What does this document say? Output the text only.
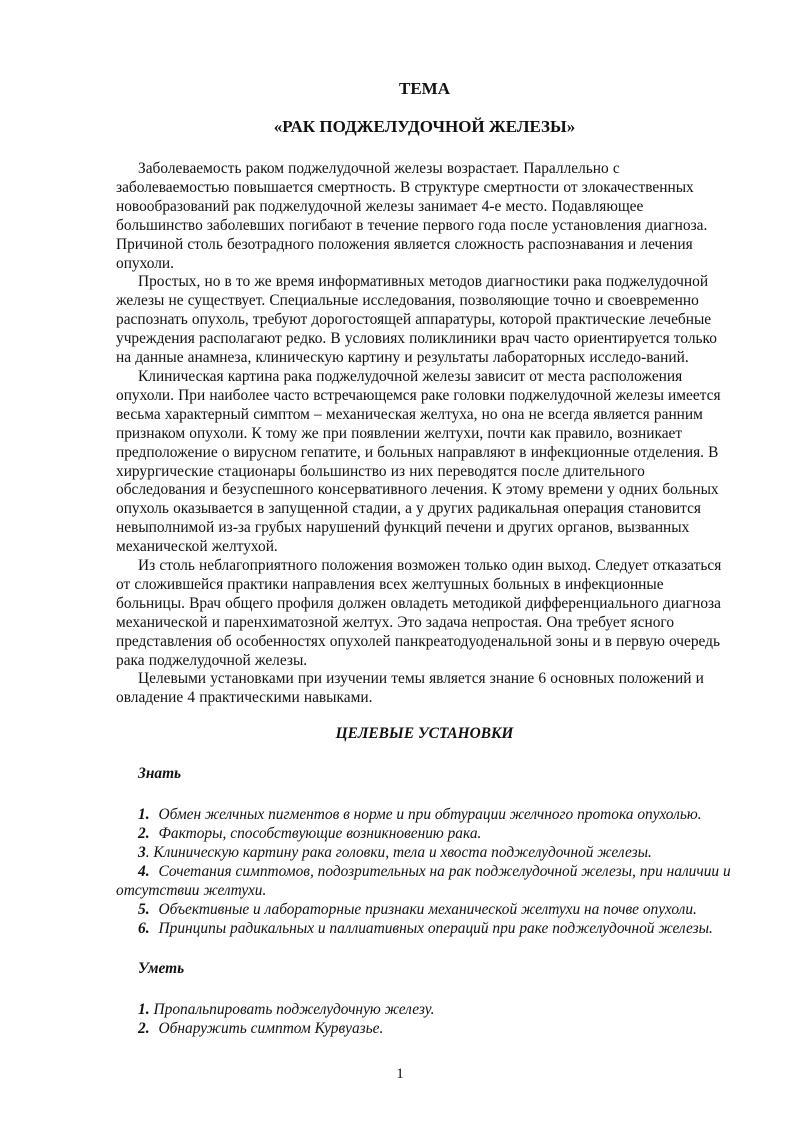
ТЕМА
«РАК ПОДЖЕЛУДОЧНОЙ ЖЕЛЕЗЫ»

Заболеваемость раком поджелудочной железы возрастает. Параллельно с заболеваемостью повышается смертность. В структуре смертности от злокачественных новообразований рак поджелудочной железы занимает 4-е место. Подавляющее большинство заболевших погибают в течение первого года после установления диагноза. Причиной столь безотрадного положения является сложность распознавания и лечения опухоли.

Простых, но в то же время информативных методов диагностики рака поджелудочной железы не существует. Специальные исследования, позволяющие точно и своевременно распознать опухоль, требуют дорогостоящей аппаратуры, которой практические лечебные учреждения располагают редко. В условиях поликлиники врач часто ориентируется только на данные анамнеза, клиническую картину и результаты лабораторных исследо-ваний.

Клиническая картина рака поджелудочной железы зависит от места расположения опухоли. При наиболее часто встречающемся раке головки поджелудочной железы имеется весьма характерный симптом – механическая желтуха, но она не всегда является ранним признаком опухоли. К тому же при появлении желтухи, почти как правило, возникает предположение о вирусном гепатите, и больных направляют в инфекционные отделения. В хирургические стационары большинство из них переводятся после длительного обследования и безуспешного консервативного лечения. К этому времени у одних больных опухоль оказывается в запущенной стадии, а у других радикальная операция становится невыполнимой из-за грубых нарушений функций печени и других органов, вызванных механической желтухой.

Из столь неблагоприятного положения возможен только один выход. Следует отказаться от сложившейся практики направления всех желтушных больных в инфекционные больницы. Врач общего профиля должен овладеть методикой дифференциального диагноза механической и паренхиматозной желтух. Это задача непростая. Она требует ясного представления об особенностях опухолей панкреатодуоденальной зоны и в первую очередь рака поджелудочной железы.

Целевыми установками при изучении темы является знание 6 основных положений и овладение 4 практическими навыками.

ЦЕЛЕВЫЕ УСТАНОВКИ
Знать
1. Обмен желчных пигментов в норме и при обтурации желчного протока опухолью.
2. Факторы, способствующие возникновению рака.
3. Клиническую картину рака головки, тела и хвоста поджелудочной железы.
4. Сочетания симптомов, подозрительных на рак поджелудочной железы, при наличии и отсутствии желтухи.
5. Объективные и лабораторные признаки механической желтухи на почве опухоли.
6. Принципы радикальных и паллиативных операций при раке поджелудочной железы.
Уметь
1. Пропальпировать поджелудочную железу.
2. Обнаружить симптом Курвуазье.
1
